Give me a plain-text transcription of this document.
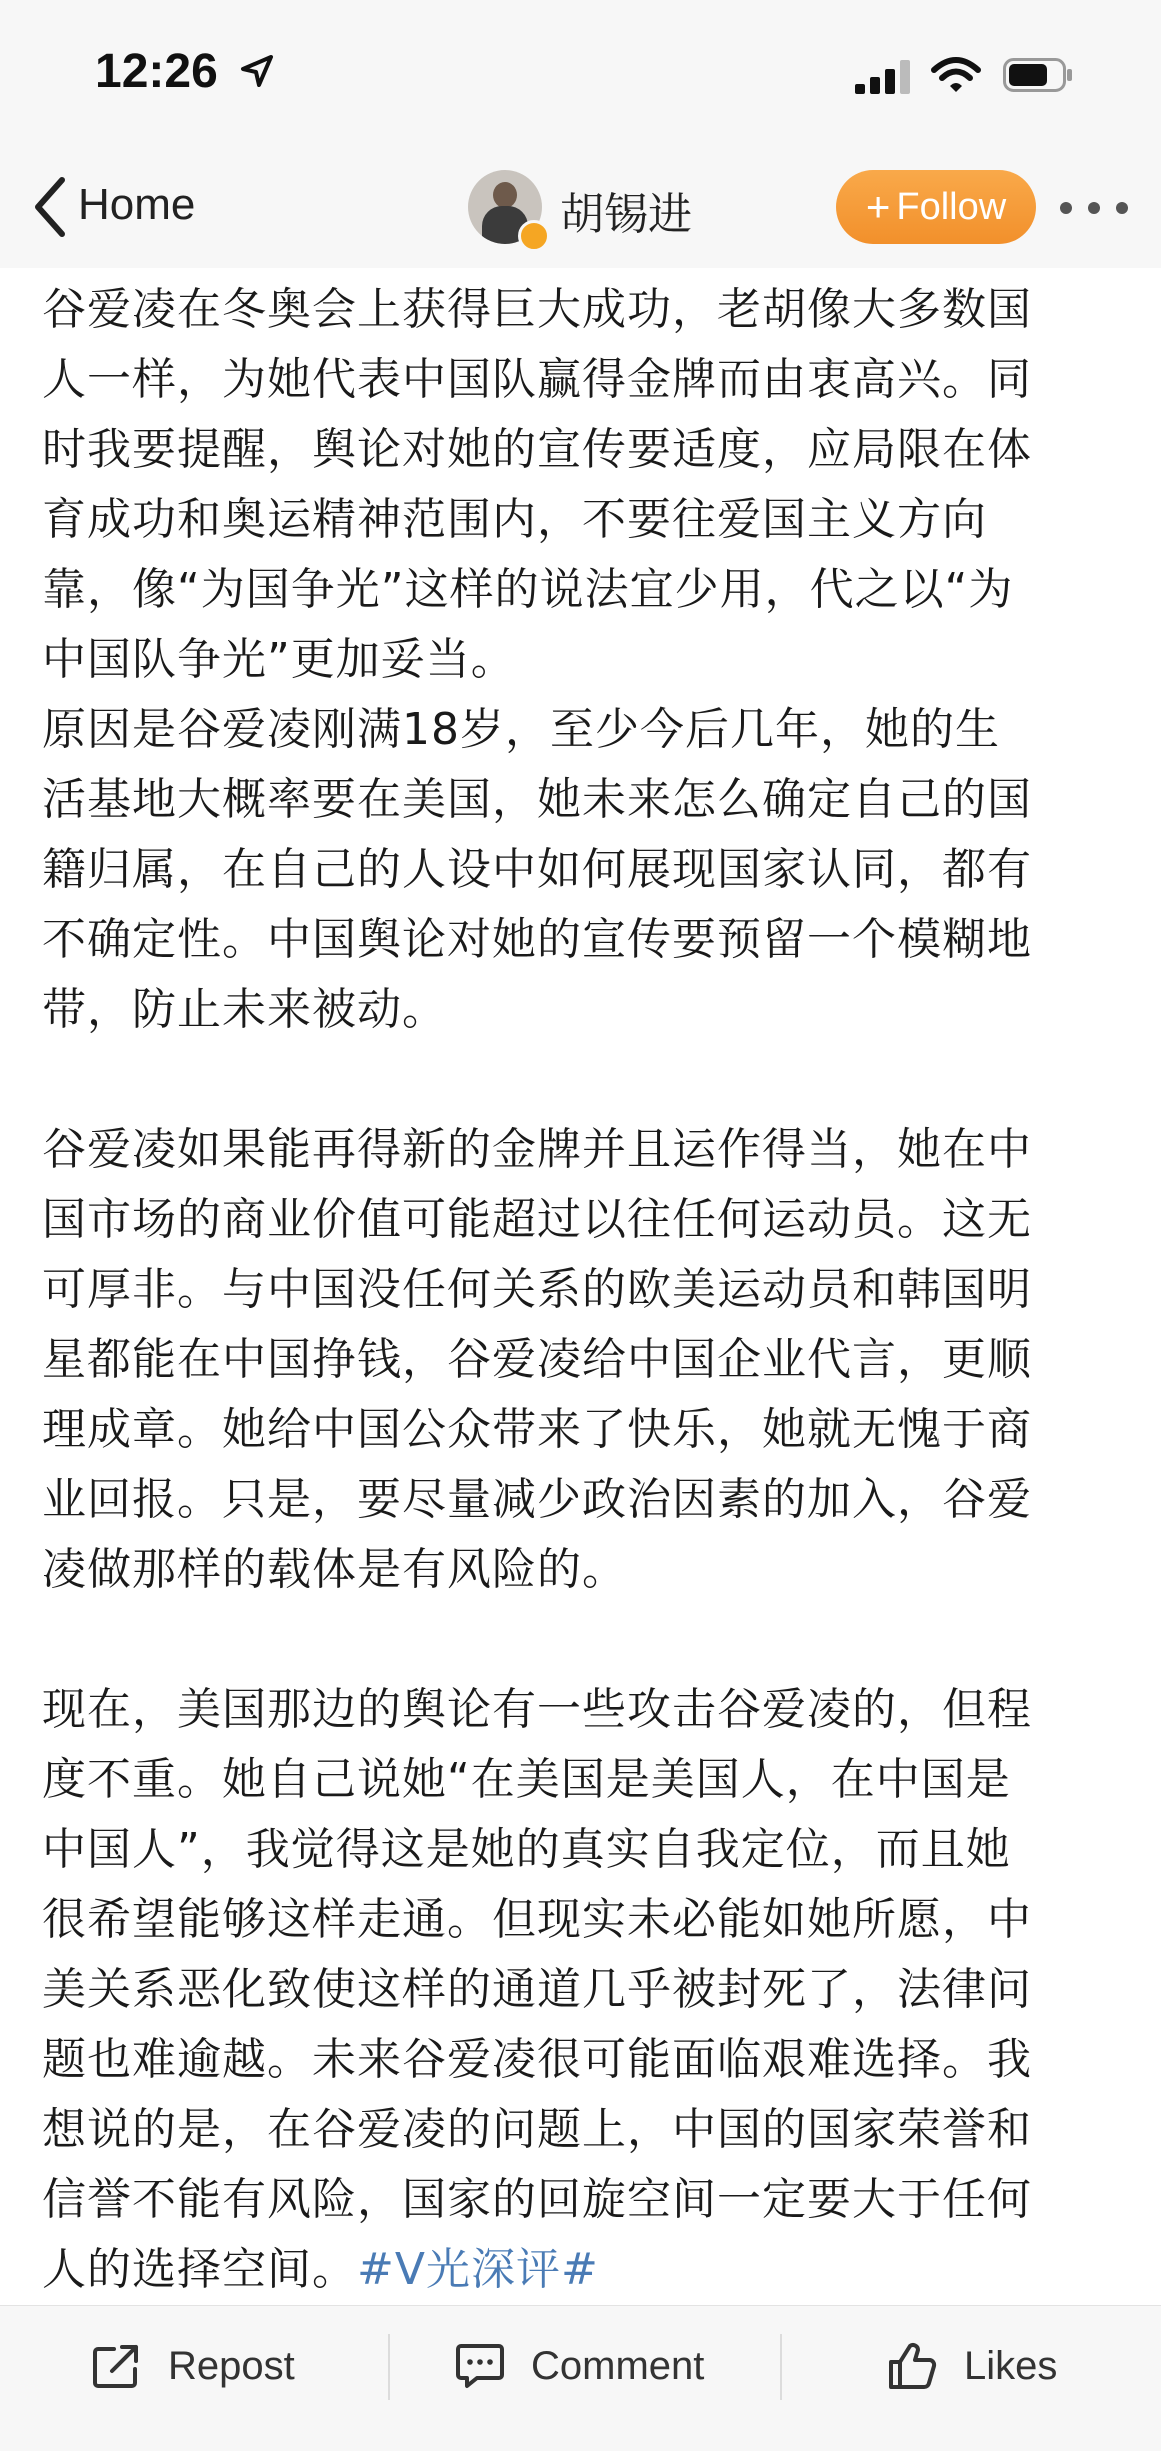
12:26
Home	胡锡进	+ Follow
谷爱凌在冬奥会上获得巨大成功，老胡像大多数国
人一样，为她代表中国队赢得金牌而由衷高兴。同
时我要提醒，舆论对她的宣传要适度，应局限在体
育成功和奥运精神范围内，不要往爱国主义方向
靠，像“为国争光”这样的说法宜少用，代之以“为
中国队争光”更加妥当。
原因是谷爱凌刚满18岁，至少今后几年，她的生
活基地大概率要在美国，她未来怎么确定自己的国
籍归属，在自己的人设中如何展现国家认同，都有
不确定性。中国舆论对她的宣传要预留一个模糊地
带，防止未来被动。
谷爱凌如果能再得新的金牌并且运作得当，她在中
国市场的商业价值可能超过以往任何运动员。这无
可厚非。与中国没任何关系的欧美运动员和韩国明
星都能在中国挣钱，谷爱凌给中国企业代言，更顺
理成章。她给中国公众带来了快乐，她就无愧于商
业回报。只是，要尽量减少政治因素的加入，谷爱
凌做那样的载体是有风险的。
现在，美国那边的舆论有一些攻击谷爱凌的，但程
度不重。她自己说她“在美国是美国人，在中国是
中国人”，我觉得这是她的真实自我定位，而且她
很希望能够这样走通。但现实未必能如她所愿，中
美关系恶化致使这样的通道几乎被封死了，法律问
题也难逾越。未来谷爱凌很可能面临艰难选择。我
想说的是，在谷爱凌的问题上，中国的国家荣誉和
信誉不能有风险，国家的回旋空间一定要大于任何
人的选择空间。#V光深评#
Repost	Comment	Likes
